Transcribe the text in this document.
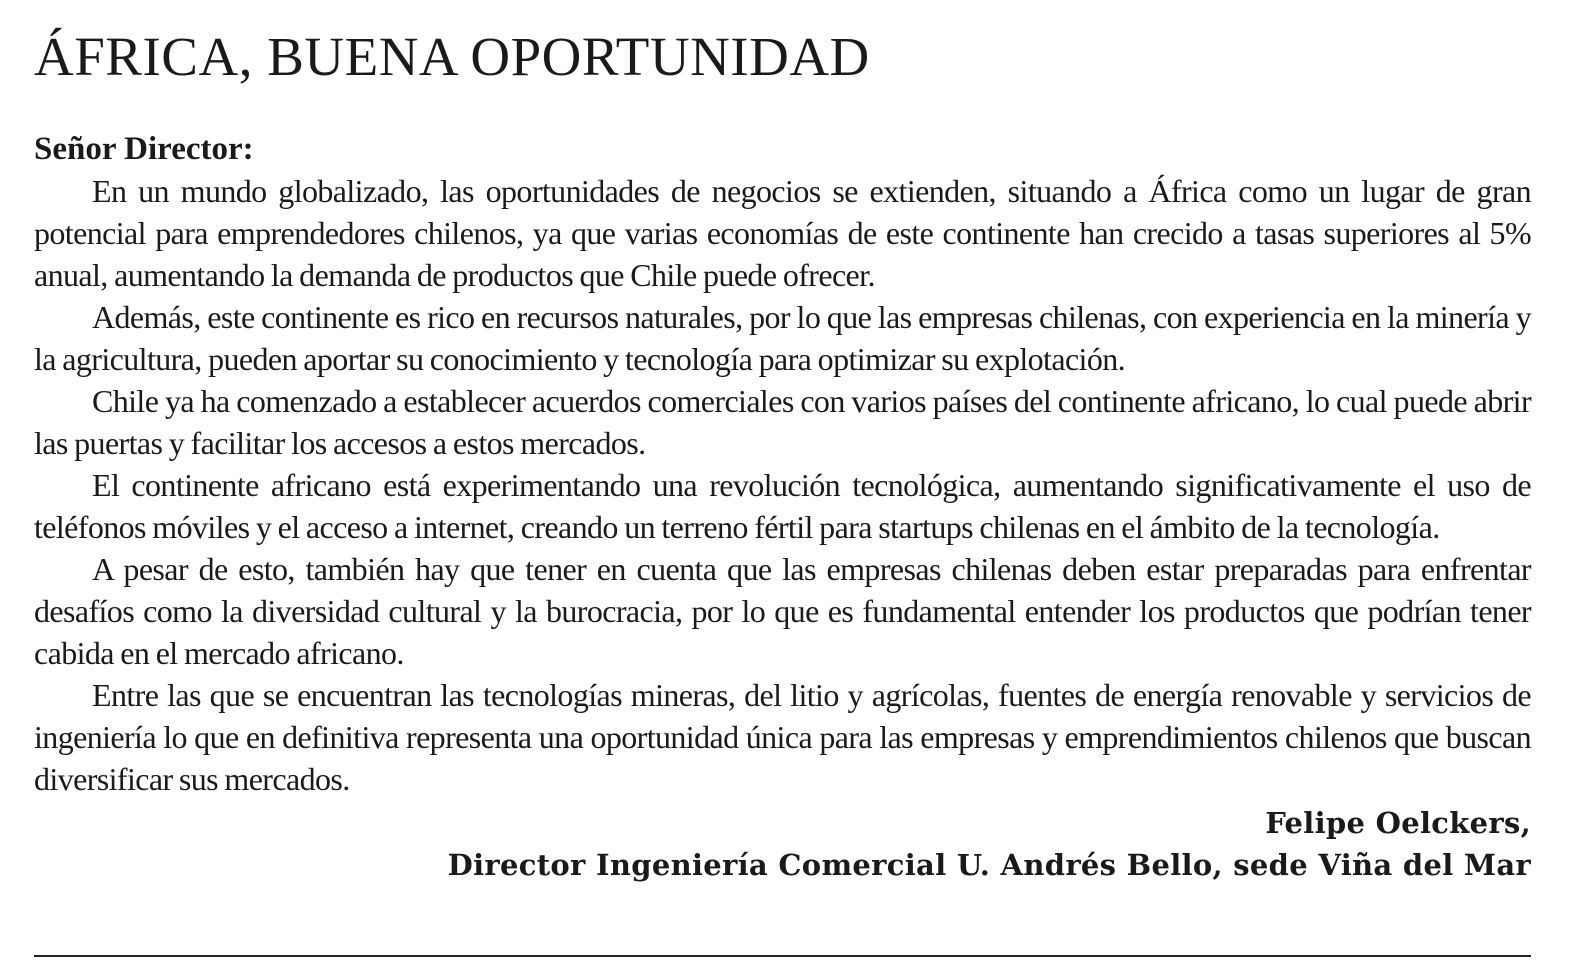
ÁFRICA, BUENA OPORTUNIDAD
Señor Director:

En un mundo globalizado, las oportunidades de negocios se extienden, situando a África como un lugar de gran potencial para emprendedores chilenos, ya que varias economías de este continente han crecido a tasas superiores al 5% anual, aumentando la demanda de productos que Chile puede ofrecer.

Además, este continente es rico en recursos naturales, por lo que las empresas chilenas, con experiencia en la minería y la agricultura, pueden aportar su conocimiento y tecnología para optimizar su explotación.

Chile ya ha comenzado a establecer acuerdos comerciales con varios países del continente africano, lo cual puede abrir las puertas y facilitar los accesos a estos mercados.

El continente africano está experimentando una revolución tecnológica, aumentando significativamente el uso de teléfonos móviles y el acceso a internet, creando un terreno fértil para startups chilenas en el ámbito de la tecnología.

A pesar de esto, también hay que tener en cuenta que las empresas chilenas deben estar preparadas para enfrentar desafíos como la diversidad cultural y la burocracia, por lo que es fundamental entender los productos que podrían tener cabida en el mercado africano.

Entre las que se encuentran las tecnologías mineras, del litio y agrícolas, fuentes de energía renovable y servicios de ingeniería lo que en definitiva representa una oportunidad única para las empresas y emprendimientos chilenos que buscan diversificar sus mercados.

Felipe Oelckers,
Director Ingeniería Comercial U. Andrés Bello, sede Viña del Mar
